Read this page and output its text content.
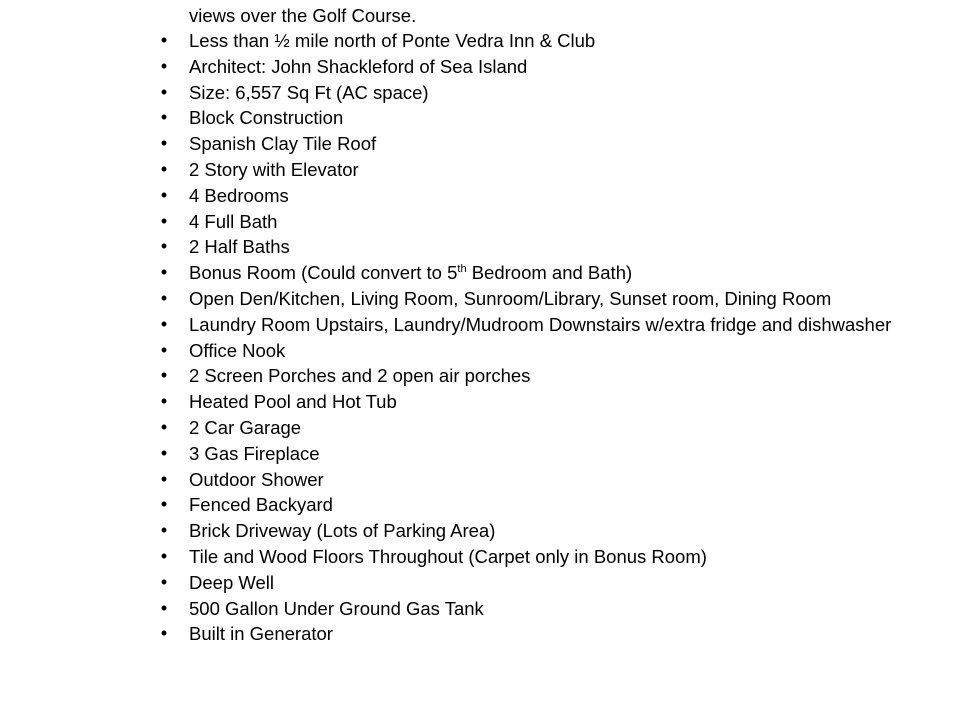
views over the Golf Course.
• Less than ½ mile north of Ponte Vedra Inn & Club
• Architect: John Shackleford of Sea Island
• Size: 6,557 Sq Ft (AC space)
• Block Construction
• Spanish Clay Tile Roof
• 2 Story with Elevator
• 4 Bedrooms
• 4 Full Bath
• 2 Half Baths
• Bonus Room (Could convert to 5th Bedroom and Bath)
• Open Den/Kitchen, Living Room, Sunroom/Library, Sunset room, Dining Room
• Laundry Room Upstairs, Laundry/Mudroom Downstairs w/extra fridge and dishwasher
• Office Nook
• 2 Screen Porches and 2 open air porches
• Heated Pool and Hot Tub
• 2 Car Garage
• 3 Gas Fireplace
• Outdoor Shower
• Fenced Backyard
• Brick Driveway (Lots of Parking Area)
• Tile and Wood Floors Throughout (Carpet only in Bonus Room)
• Deep Well
• 500 Gallon Under Ground Gas Tank
• Built in Generator
